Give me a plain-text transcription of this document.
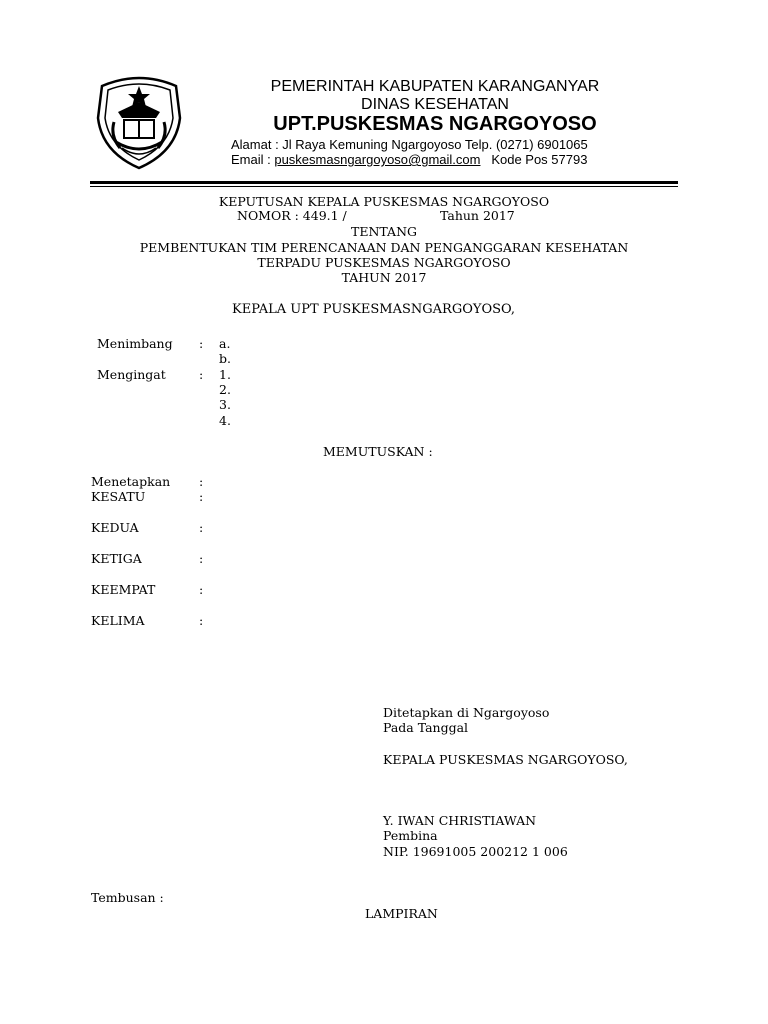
PEMERINTAH KABUPATEN KARANGANYAR
DINAS KESEHATAN
UPT.PUSKESMAS NGARGOYOSO
Alamat : Jl Raya Kemuning Ngargoyoso Telp. (0271) 6901065
Email : puskesmasngargoyoso@gmail.com Kode Pos 57793
KEPUTUSAN KEPALA PUSKESMAS NGARGOYOSO
NOMOR : 449.1 /	Tahun 2017
TENTANG
PEMBENTUKAN TIM PERENCANAAN DAN PENGANGGARAN KESEHATAN
TERPADU PUSKESMAS NGARGOYOSO
TAHUN 2017
KEPALA UPT PUSKESMASNGARGOYOSO,
Menimbang : a.
b.
Mengingat	: 1.
2.
3.
4.
MEMUTUSKAN :
Menetapkan :
KESATU	:
KEDUA	:
KETIGA	:
KEEMPAT	:
KELIMA	:
Ditetapkan di Ngargoyoso
Pada Tanggal
KEPALA PUSKESMAS NGARGOYOSO,
Y. IWAN CHRISTIAWAN
Pembina
NIP. 19691005 200212 1 006
Tembusan :
LAMPIRAN
